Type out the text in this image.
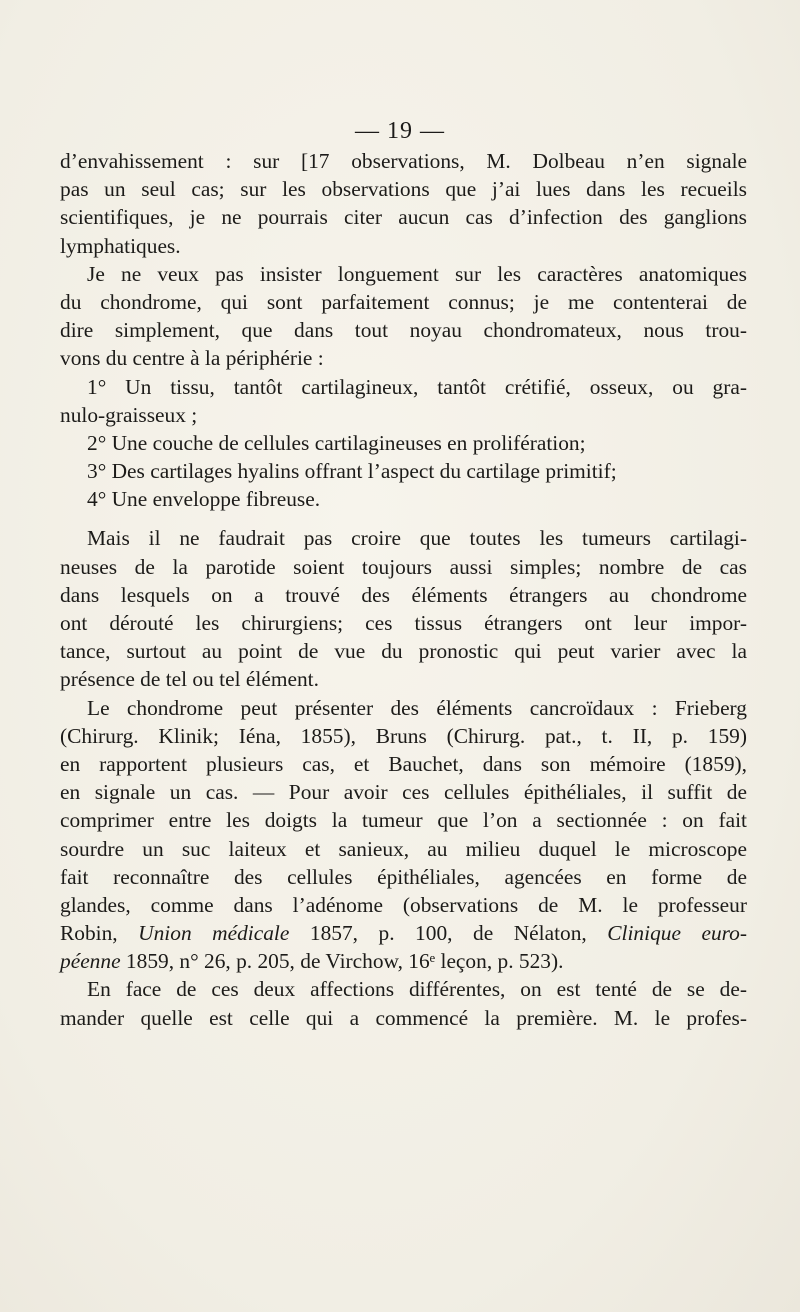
— 19 —
d’envahissement : sur [17 observations, M. Dolbeau n’en signale
pas un seul cas; sur les observations que j’ai lues dans les recueils
scientifiques, je ne pourrais citer aucun cas d’infection des ganglions
lymphatiques.
Je ne veux pas insister longuement sur les caractères anatomiques
du chondrome, qui sont parfaitement connus; je me contenterai de
dire simplement, que dans tout noyau chondromateux, nous trou-
vons du centre à la périphérie :
1° Un tissu, tantôt cartilagineux, tantôt crétifié, osseux, ou gra-
nulo-graisseux ;
2° Une couche de cellules cartilagineuses en prolifération;
3° Des cartilages hyalins offrant l’aspect du cartilage primitif;
4° Une enveloppe fibreuse.
Mais il ne faudrait pas croire que toutes les tumeurs cartilagi-
neuses de la parotide soient toujours aussi simples; nombre de cas
dans lesquels on a trouvé des éléments étrangers au chondrome
ont dérouté les chirurgiens; ces tissus étrangers ont leur impor-
tance, surtout au point de vue du pronostic qui peut varier avec la
présence de tel ou tel élément.
Le chondrome peut présenter des éléments cancroïdaux : Frieberg
(Chirurg. Klinik; Iéna, 1855), Bruns (Chirurg. pat., t. II, p. 159)
en rapportent plusieurs cas, et Bauchet, dans son mémoire (1859),
en signale un cas. — Pour avoir ces cellules épithéliales, il suffit de
comprimer entre les doigts la tumeur que l’on a sectionnée : on fait
sourdre un suc laiteux et sanieux, au milieu duquel le microscope
fait reconnaître des cellules épithéliales, agencées en forme de
glandes, comme dans l’adénome (observations de M. le professeur
Robin, Union médicale 1857, p. 100, de Nélaton, Clinique euro-
péenne 1859, n° 26, p. 205, de Virchow, 16ᵉ leçon, p. 523).
En face de ces deux affections différentes, on est tenté de se de-
mander quelle est celle qui a commencé la première. M. le profes-
